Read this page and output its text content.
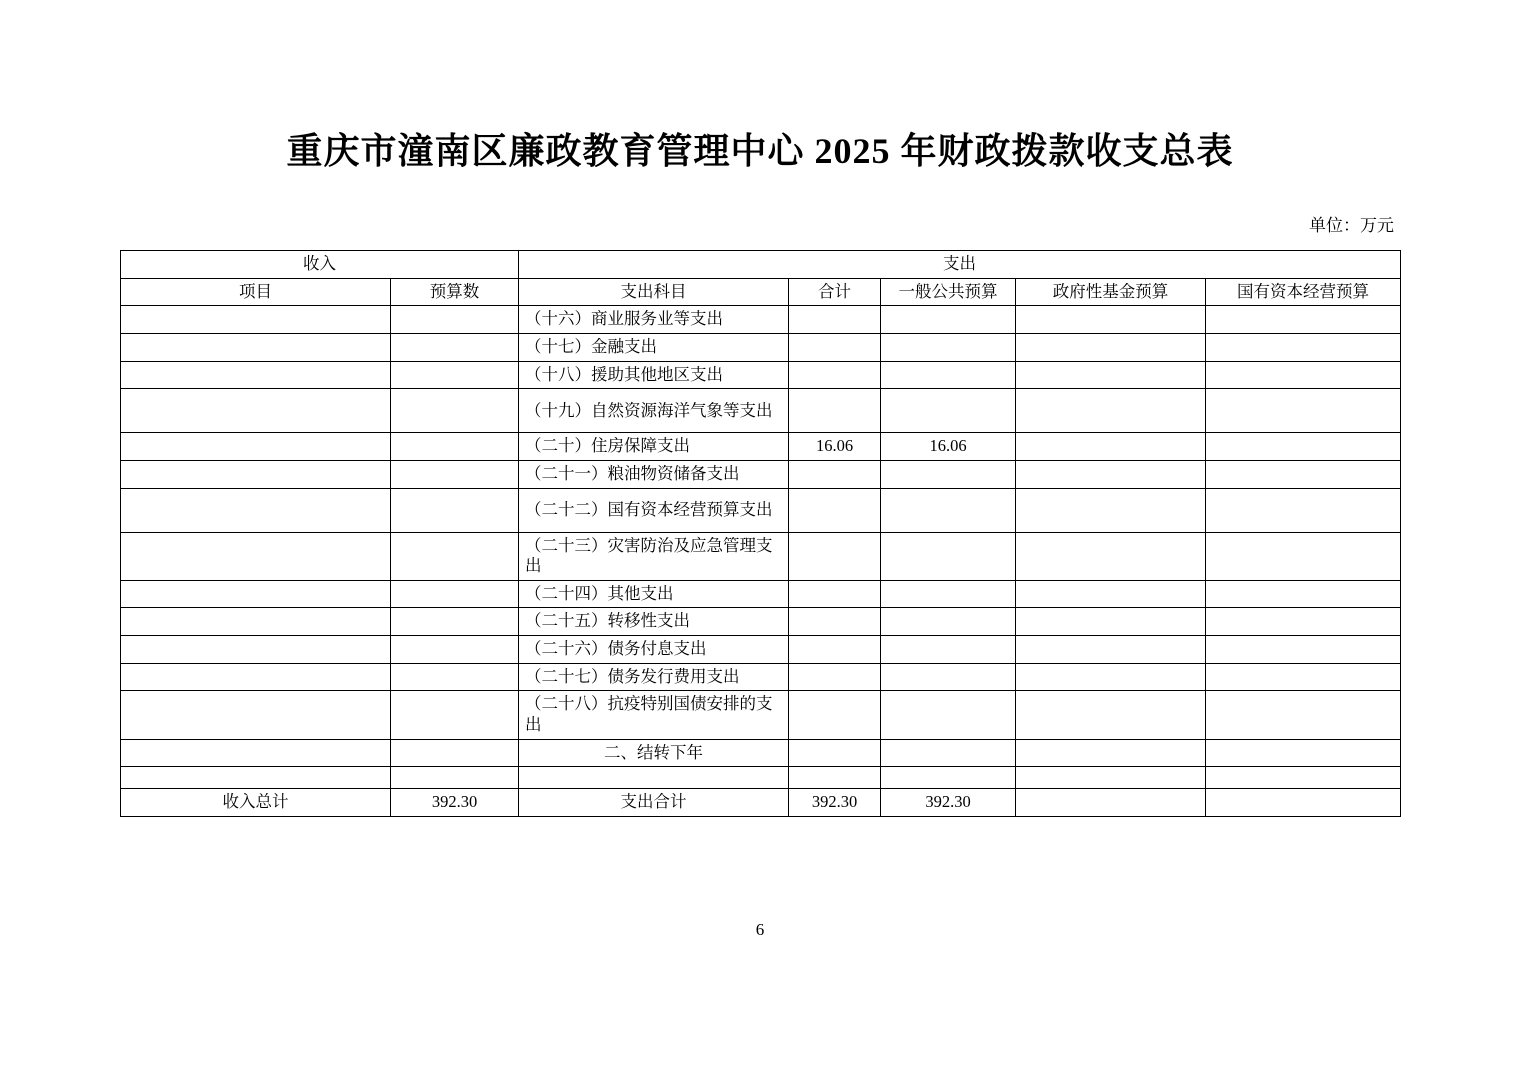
重庆市潼南区廉政教育管理中心 2025 年财政拨款收支总表

单位：万元

收入		支出				
项目	预算数	支出科目	合计	一般公共预算	政府性基金预算	国有资本经营预算
		（十六）商业服务业等支出				
		（十七）金融支出				
		（十八）援助其他地区支出				
		（十九）自然资源海洋气象等支出				
		（二十）住房保障支出	16.06	16.06		
		（二十一）粮油物资储备支出				
		（二十二）国有资本经营预算支出				
		（二十三）灾害防治及应急管理支出				
		（二十四）其他支出				
		（二十五）转移性支出				
		（二十六）债务付息支出				
		（二十七）债务发行费用支出				
		（二十八）抗疫特别国债安排的支出				
		二、结转下年				

收入总计	392.30	支出合计	392.30	392.30		
6
